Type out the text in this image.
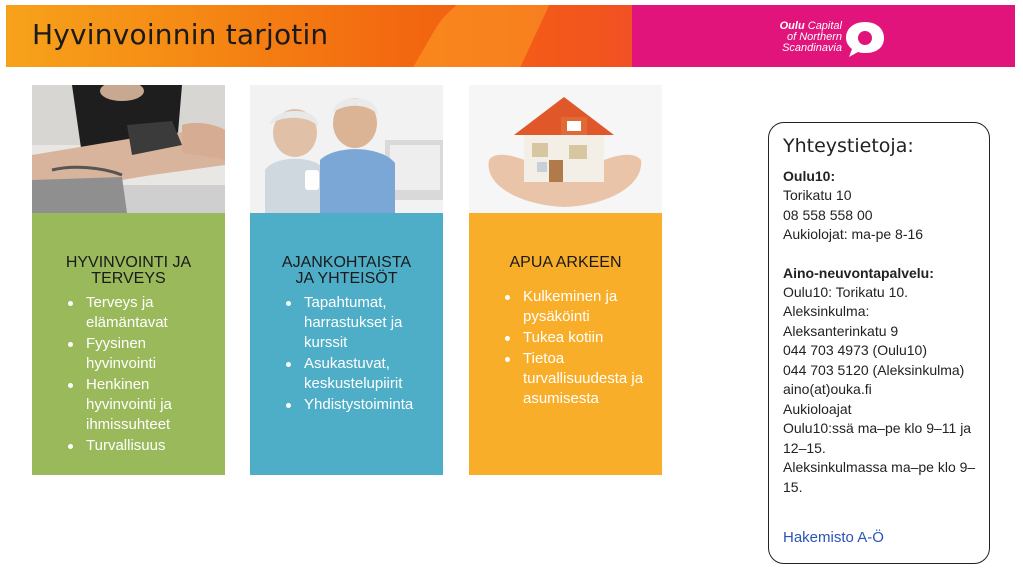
Hyvinvoinnin tarjotin	Oulu Capital
of Northern
Scandinavia
HYVINVOINTI JA
TERVEYS
Terveys ja elämäntavat
Fyysinen hyvinvointi
Henkinen hyvinvointi ja ihmissuhteet
Turvallisuus
AJANKOHTAISTA
JA YHTEISÖT
Tapahtumat, harrastukset ja kurssit
Asukastuvat, keskustelupiirit
Yhdistystoiminta
APUA ARKEEN
Kulkeminen ja pysäköinti
Tukea kotiin
Tietoa turvallisuudesta ja asumisesta
Yhteystietoja:
Oulu10:
Torikatu 10
08 558 558 00
Aukiolojat: ma-pe 8-16
Aino-neuvontapalvelu:
Oulu10: Torikatu 10.
Aleksinkulma:
Aleksanterinkatu 9
044 703 4973 (Oulu10)
044 703 5120 (Aleksinkulma)
aino(at)ouka.fi
Aukioloajat
Oulu10:ssä ma–pe klo 9–11 ja
12–15.
Aleksinkulmassa ma–pe klo 9–
15.
Hakemisto A-Ö
